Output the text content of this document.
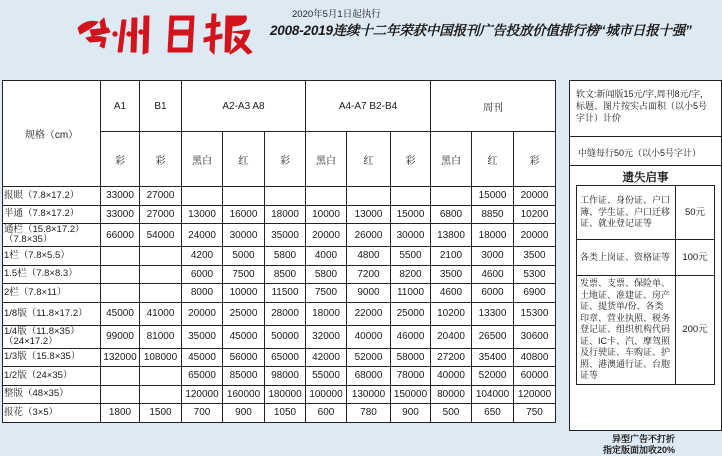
2020年5月1日起执行
2008-2019连续十二年荣获中国报刊广告投放价值排行榜“城市日报十强”
规格（cm）	A1	B1	A2-A3 A8			A4-A7 B2-B4			周刊		
	彩	彩	黑白	红	彩	黑白	红	彩	黑白	红	彩
报眼（7.8×17.2）	33000	27000								15000	20000
半通（7.8×17.2）	33000	27000	13000	16000	18000	10000	13000	15000	6800	8850	10200
通栏（15.8×17.2）（7.8×35）	66000	54000	24000	30000	35000	20000	26000	30000	13800	18000	20000
1栏（7.8×5.5）			4200	5000	5800	4000	4800	5500	2100	3000	3500
1.5栏（7.8×8.3）			6000	7500	8500	5800	7200	8200	3500	4600	5300
2栏（7.8×11）			8000	10000	11500	7500	9000	11000	4600	6000	6900
1/8版（11.8×17.2）	45000	41000	20000	25000	28000	18000	22000	25000	10200	13300	15300
1/4版（11.8×35）（24×17.2）	99000	81000	35000	45000	50000	32000	40000	46000	20400	26500	30600
1/3版（15.8×35）	132000	108000	45000	56000	65000	42000	52000	58000	27200	35400	40800
1/2版（24×35）			65000	85000	98000	55000	68000	78000	40000	52000	60000
整版（48×35）			120000	160000	180000	100000	130000	150000	80000	104000	120000
报花（3×5）	1800	1500	700	900	1050	600	780	900	500	650	750
软文:新闻版15元/字,周刊8元/字，标题、图片按实占面积（以小5号字计）计价
中缝每行50元（以小5号字计）
遗失启事
工作证、身份证、户口簿、学生证、户口迁移证、就业登记证等	50元
各类上岗证、资格证等	100元
发票、支票、保险单、土地证、准建证、房产证、提货单/份、各类印章、营业执照、税务登记证、组织机构代码证、IC卡、汽、摩驾照及行驶证、车购证、护照、港澳通行证、台胞证等	200元
异型广告不打折
指定版面加收20%
